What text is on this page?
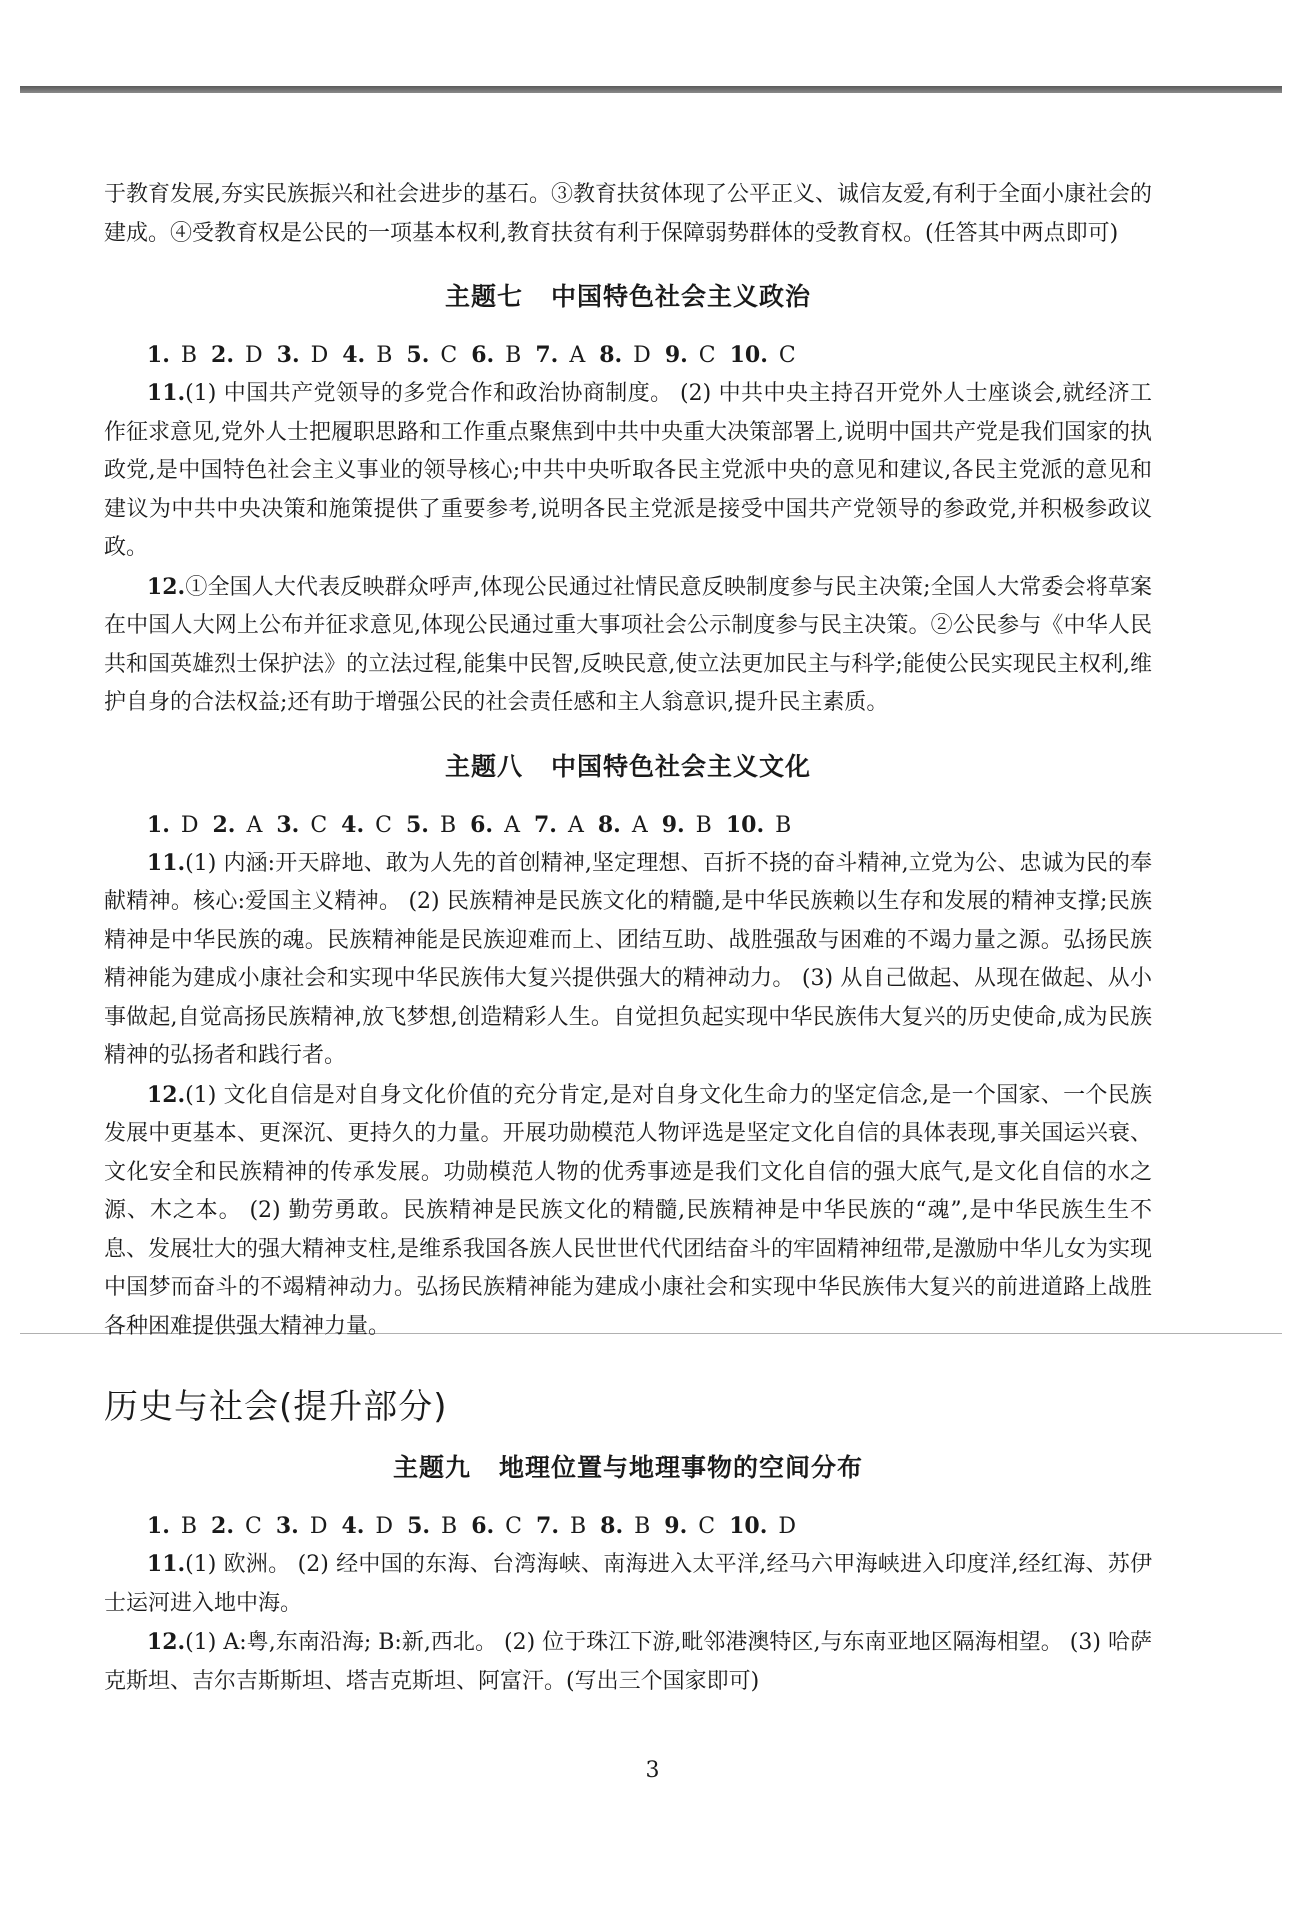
于教育发展,夯实民族振兴和社会进步的基石。③教育扶贫体现了公平正义、诚信友爱,有利于全面小康社会的建成。④受教育权是公民的一项基本权利,教育扶贫有利于保障弱势群体的受教育权。(任答其中两点即可)

主题七 中国特色社会主义政治

1. B 2. D 3. D 4. B 5. C 6. B 7. A 8. D 9. C 10. C

11.(1) 中国共产党领导的多党合作和政治协商制度。 (2) 中共中央主持召开党外人士座谈会,就经济工作征求意见,党外人士把履职思路和工作重点聚焦到中共中央重大决策部署上,说明中国共产党是我们国家的执政党,是中国特色社会主义事业的领导核心;中共中央听取各民主党派中央的意见和建议,各民主党派的意见和建议为中共中央决策和施策提供了重要参考,说明各民主党派是接受中国共产党领导的参政党,并积极参政议政。

12.①全国人大代表反映群众呼声,体现公民通过社情民意反映制度参与民主决策;全国人大常委会将草案在中国人大网上公布并征求意见,体现公民通过重大事项社会公示制度参与民主决策。②公民参与《中华人民共和国英雄烈士保护法》的立法过程,能集中民智,反映民意,使立法更加民主与科学;能使公民实现民主权利,维护自身的合法权益;还有助于增强公民的社会责任感和主人翁意识,提升民主素质。

主题八 中国特色社会主义文化

1. D 2. A 3. C 4. C 5. B 6. A 7. A 8. A 9. B 10. B

11.(1) 内涵:开天辟地、敢为人先的首创精神,坚定理想、百折不挠的奋斗精神,立党为公、忠诚为民的奉献精神。核心:爱国主义精神。 (2) 民族精神是民族文化的精髓,是中华民族赖以生存和发展的精神支撑;民族精神是中华民族的魂。民族精神能是民族迎难而上、团结互助、战胜强敌与困难的不竭力量之源。弘扬民族精神能为建成小康社会和实现中华民族伟大复兴提供强大的精神动力。 (3) 从自己做起、从现在做起、从小事做起,自觉高扬民族精神,放飞梦想,创造精彩人生。自觉担负起实现中华民族伟大复兴的历史使命,成为民族精神的弘扬者和践行者。

12.(1) 文化自信是对自身文化价值的充分肯定,是对自身文化生命力的坚定信念,是一个国家、一个民族发展中更基本、更深沉、更持久的力量。开展功勋模范人物评选是坚定文化自信的具体表现,事关国运兴衰、文化安全和民族精神的传承发展。功勋模范人物的优秀事迹是我们文化自信的强大底气,是文化自信的水之源、木之本。 (2) 勤劳勇敢。民族精神是民族文化的精髓,民族精神是中华民族的“魂”,是中华民族生生不息、发展壮大的强大精神支柱,是维系我国各族人民世世代代团结奋斗的牢固精神纽带,是激励中华儿女为实现中国梦而奋斗的不竭精神动力。弘扬民族精神能为建成小康社会和实现中华民族伟大复兴的前进道路上战胜各种困难提供强大精神力量。

历史与社会(提升部分)
主题九 地理位置与地理事物的空间分布

1. B 2. C 3. D 4. D 5. B 6. C 7. B 8. B 9. C 10. D

11.(1) 欧洲。 (2) 经中国的东海、台湾海峡、南海进入太平洋,经马六甲海峡进入印度洋,经红海、苏伊士运河进入地中海。

12.(1) A:粤,东南沿海; B:新,西北。 (2) 位于珠江下游,毗邻港澳特区,与东南亚地区隔海相望。 (3) 哈萨克斯坦、吉尔吉斯斯坦、塔吉克斯坦、阿富汗。(写出三个国家即可)

3
